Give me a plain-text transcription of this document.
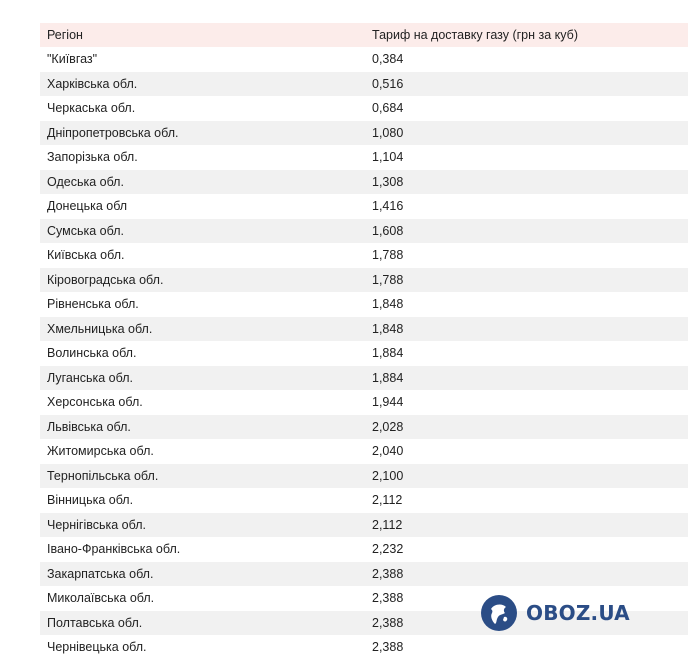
Регіон	Тариф на доставку газу (грн за куб)
"Київгаз"	0,384
Харківська обл.	0,516
Черкаська обл.	0,684
Дніпропетровська обл.	1,080
Запорізька обл.	1,104
Одеська обл.	1,308
Донецька обл	1,416
Сумська обл.	1,608
Київська обл.	1,788
Кіровоградська обл.	1,788
Рівненська обл.	1,848
Хмельницька обл.	1,848
Волинська обл.	1,884
Луганська обл.	1,884
Херсонська обл.	1,944
Львівська обл.	2,028
Житомирська обл.	2,040
Тернопільська обл.	2,100
Вінницька обл.	2,112
Чернігівська обл.	2,112
Івано-Франківська обл.	2,232
Закарпатська обл.	2,388
Миколаївська обл.	2,388
Полтавська обл.	2,388
Чернівецька обл.	2,388
OBOZ.UA
